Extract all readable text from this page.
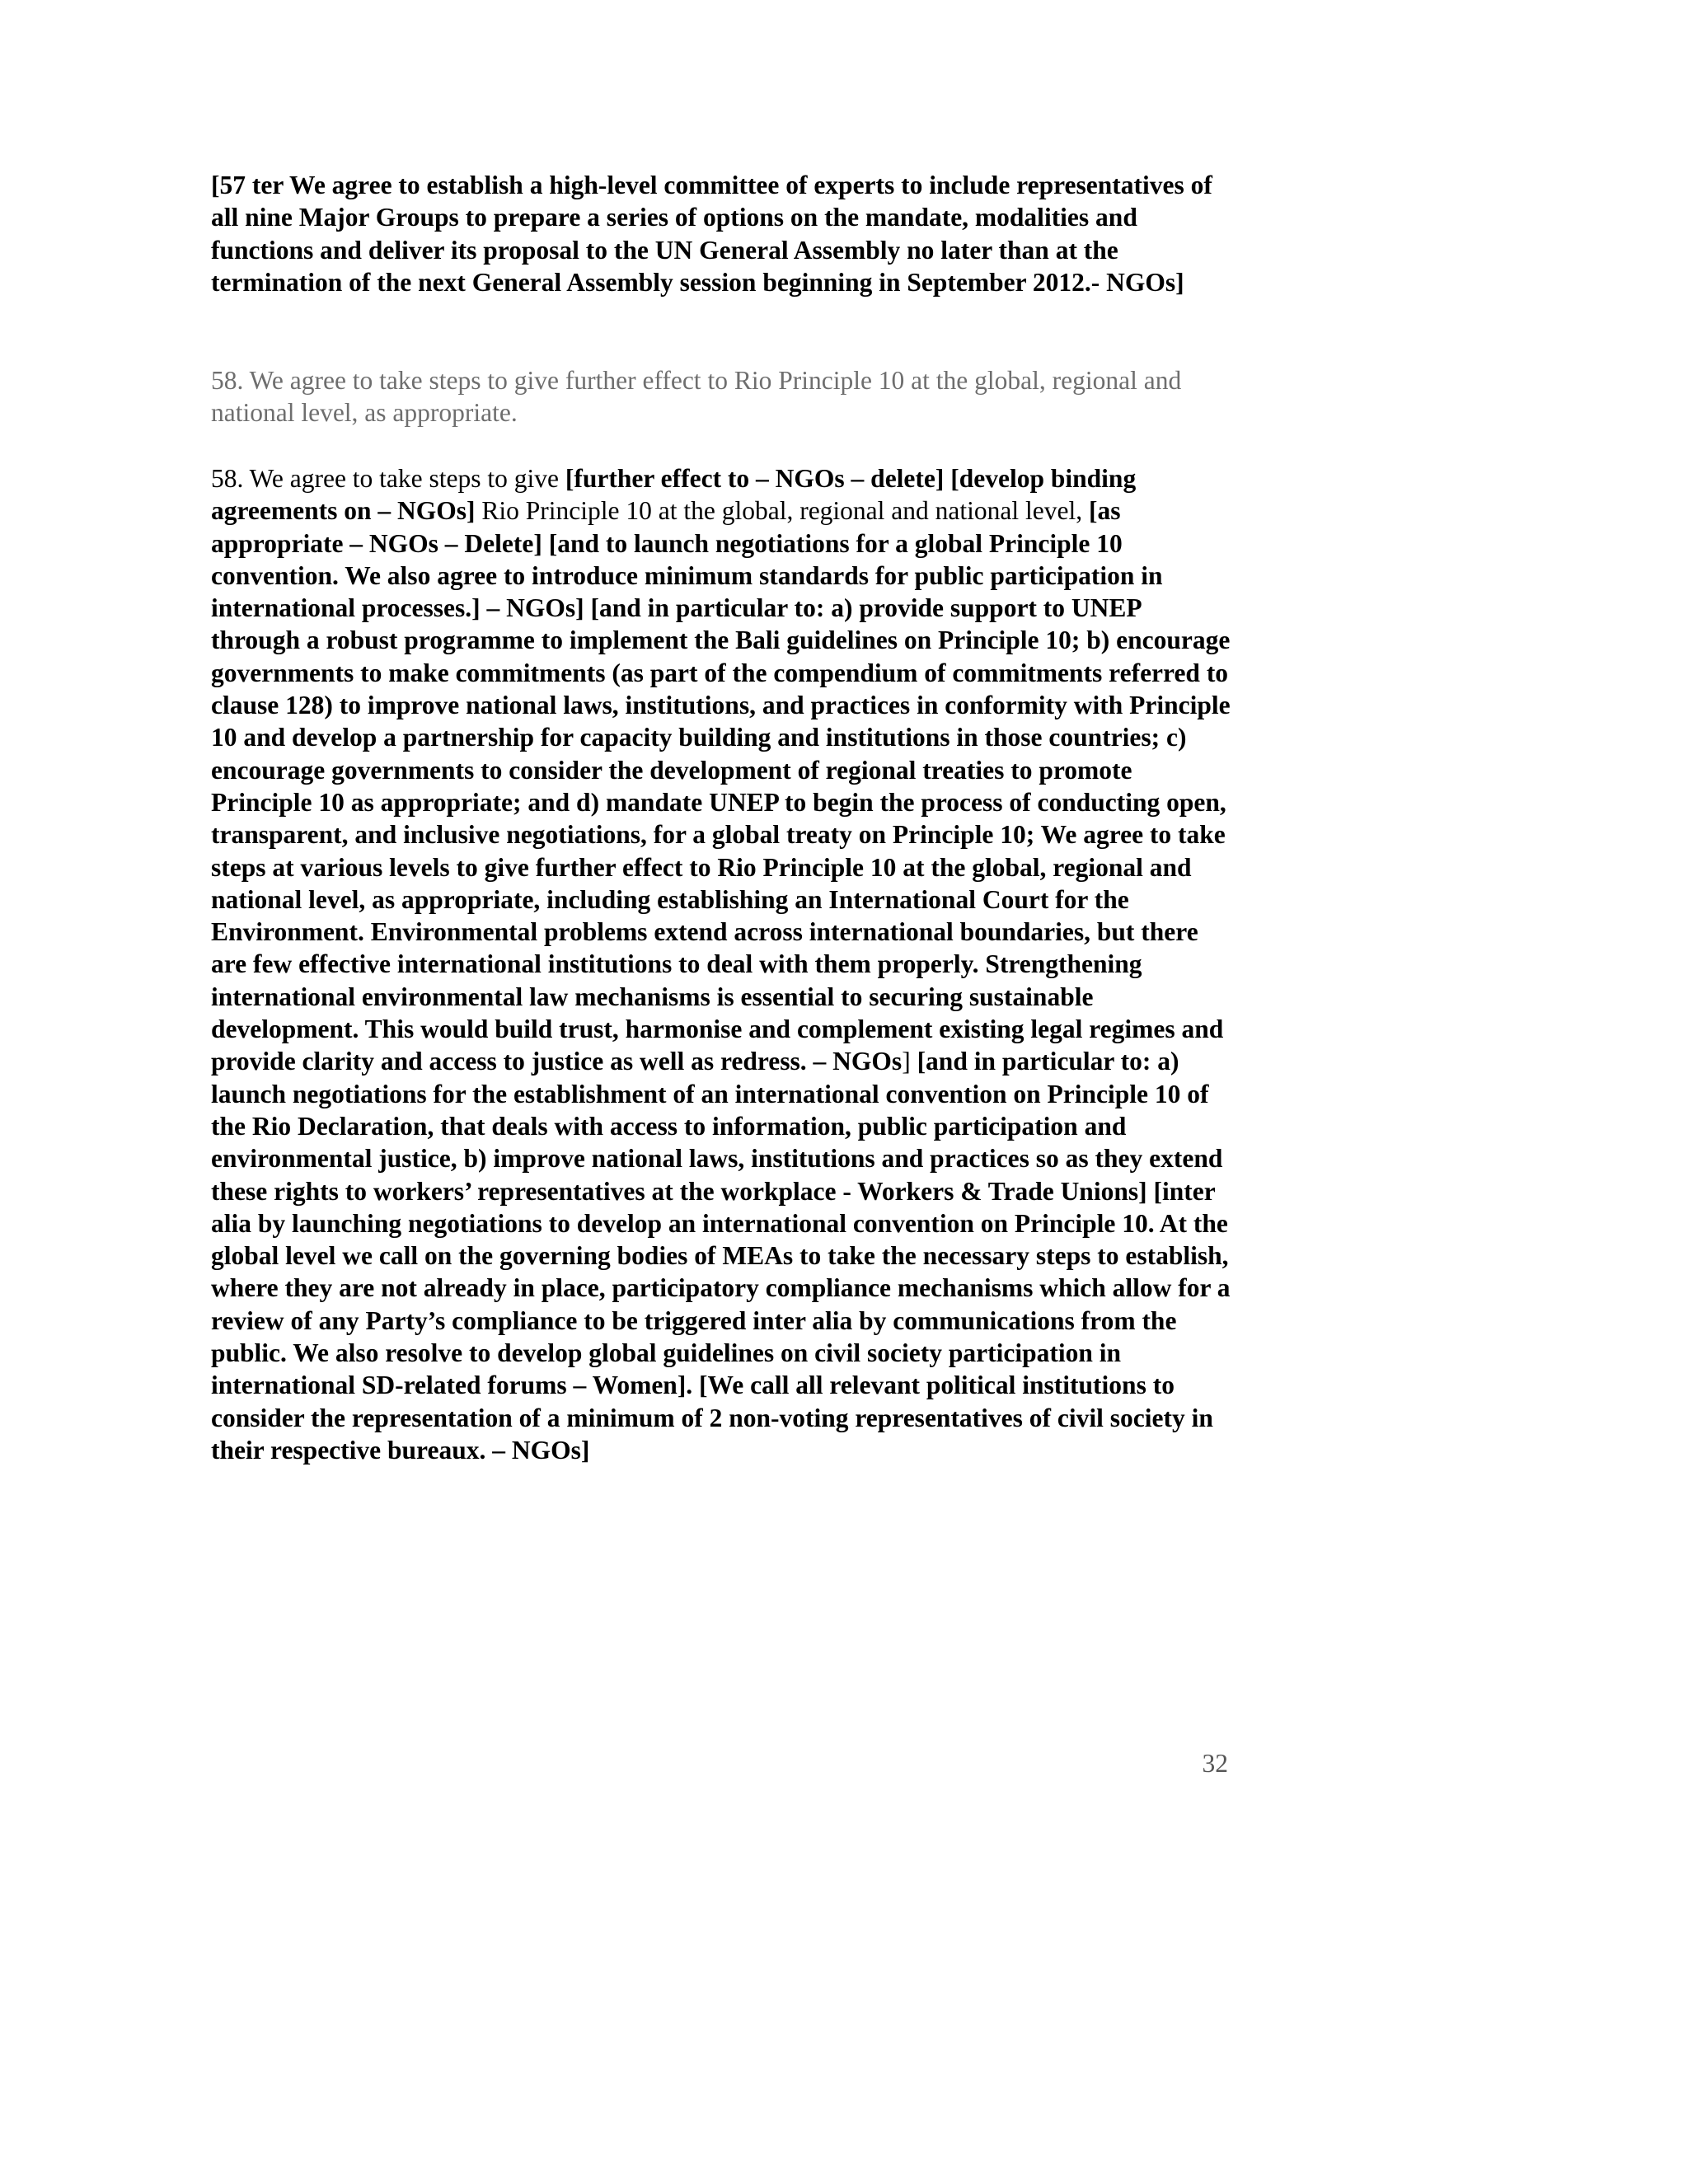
[57 ter We agree to establish a high-level committee of experts to include representatives of all nine Major Groups to prepare a series of options on the mandate, modalities and functions and deliver its proposal to the UN General Assembly no later than at the termination of the next General Assembly session beginning in September 2012.- NGOs]

58. We agree to take steps to give further effect to Rio Principle 10 at the global, regional and national level, as appropriate.

58. We agree to take steps to give [further effect to – NGOs – delete] [develop binding agreements on – NGOs] Rio Principle 10 at the global, regional and national level, [as appropriate – NGOs – Delete] [and to launch negotiations for a global Principle 10 convention. We also agree to introduce minimum standards for public participation in international processes.] – NGOs] [and in particular to: a) provide support to UNEP through a robust programme to implement the Bali guidelines on Principle 10; b) encourage governments to make commitments (as part of the compendium of commitments referred to clause 128) to improve national laws, institutions, and practices in conformity with Principle 10 and develop a partnership for capacity building and institutions in those countries; c) encourage governments to consider the development of regional treaties to promote Principle 10 as appropriate; and d) mandate UNEP to begin the process of conducting open, transparent, and inclusive negotiations, for a global treaty on Principle 10; We agree to take steps at various levels to give further effect to Rio Principle 10 at the global, regional and national level, as appropriate, including establishing an International Court for the Environment. Environmental problems extend across international boundaries, but there are few effective international institutions to deal with them properly. Strengthening international environmental law mechanisms is essential to securing sustainable development. This would build trust, harmonise and complement existing legal regimes and provide clarity and access to justice as well as redress. – NGOs] [and in particular to: a) launch negotiations for the establishment of an international convention on Principle 10 of the Rio Declaration, that deals with access to information, public participation and environmental justice, b) improve national laws, institutions and practices so as they extend these rights to workers’ representatives at the workplace - Workers & Trade Unions] [inter alia by launching negotiations to develop an international convention on Principle 10. At the global level we call on the governing bodies of MEAs to take the necessary steps to establish, where they are not already in place, participatory compliance mechanisms which allow for a review of any Party’s compliance to be triggered inter alia by communications from the public. We also resolve to develop global guidelines on civil society participation in international SD-related forums – Women]. [We call all relevant political institutions to consider the representation of a minimum of 2 non-voting representatives of civil society in their respective bureaux. – NGOs]

32
